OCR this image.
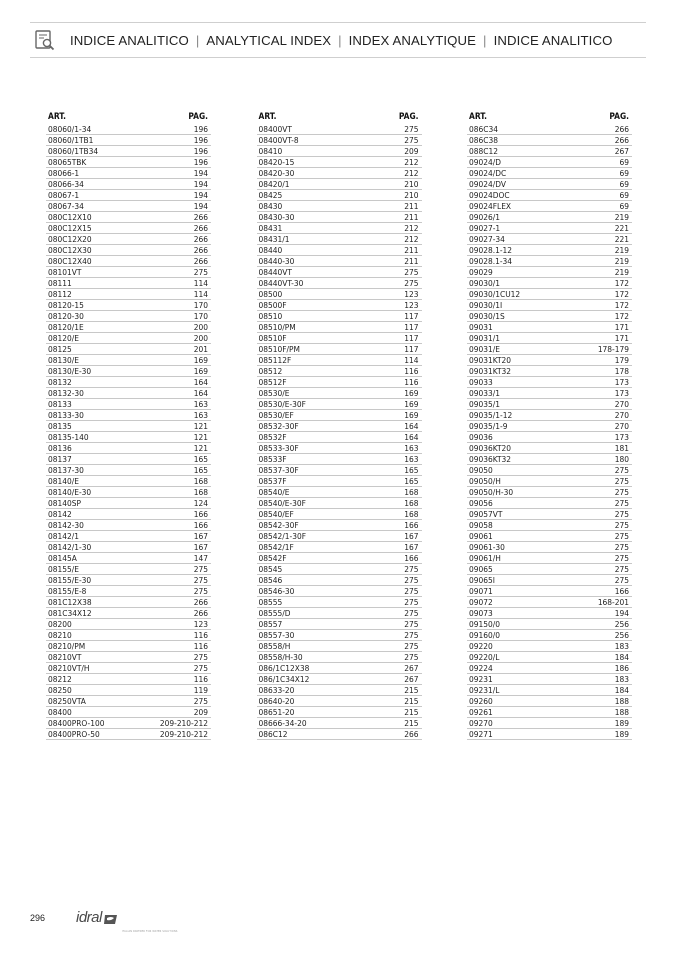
INDICE ANALITICO | ANALYTICAL INDEX | INDEX ANALYTIQUE | INDICE ANALITICO
ART.	PAG.
08060/1-34	196
08060/1TB1	196
08060/1TB34	196
08065TBK	196
08066-1	194
08066-34	194
08067-1	194
08067-34	194
080C12X10	266
080C12X15	266
080C12X20	266
080C12X30	266
080C12X40	266
08101VT	275
08111	114
08112	114
08120-15	170
08120-30	170
08120/1E	200
08120/E	200
08125	201
08130/E	169
08130/E-30	169
08132	164
08132-30	164
08133	163
08133-30	163
08135	121
08135-140	121
08136	121
08137	165
08137-30	165
08140/E	168
08140/E-30	168
08140SP	124
08142	166
08142-30	166
08142/1	167
08142/1-30	167
08145A	147
08155/E	275
08155/E-30	275
08155/E-8	275
081C12X38	266
081C34X12	266
08200	123
08210	116
08210/PM	116
08210VT	275
08210VT/H	275
08212	116
08250	119
08250VTA	275
08400	209
08400PRO-100	209-210-212
08400PRO-50	209-210-212
ART.	PAG.
08400VT	275
08400VT-8	275
08410	209
08420-15	212
08420-30	212
08420/1	210
08425	210
08430	211
08430-30	211
08431	212
08431/1	212
08440	211
08440-30	211
08440VT	275
08440VT-30	275
08500	123
08500F	123
08510	117
08510/PM	117
08510F	117
08510F/PM	117
085112F	114
08512	116
08512F	116
08530/E	169
08530/E-30F	169
08530/EF	169
08532-30F	164
08532F	164
08533-30F	163
08533F	163
08537-30F	165
08537F	165
08540/E	168
08540/E-30F	168
08540/EF	168
08542-30F	166
08542/1-30F	167
08542/1F	167
08542F	166
08545	275
08546	275
08546-30	275
08555	275
08555/D	275
08557	275
08557-30	275
08558/H	275
08558/H-30	275
086/1C12X38	267
086/1C34X12	267
08633-20	215
08640-20	215
08651-20	215
08666-34-20	215
086C12	266
ART.	PAG.
086C34	266
086C38	266
088C12	267
09024/D	69
09024/DC	69
09024/DV	69
09024DOC	69
09024FLEX	69
09026/1	219
09027-1	221
09027-34	221
09028.1-12	219
09028.1-34	219
09029	219
09030/1	172
09030/1CU12	172
09030/1I	172
09030/1S	172
09031	171
09031/1	171
09031/E	178-179
09031KT20	179
09031KT32	178
09033	173
09033/1	173
09035/1	270
09035/1-12	270
09035/1-9	270
09036	173
09036KT20	181
09036KT32	180
09050	275
09050/H	275
09050/H-30	275
09056	275
09057VT	275
09058	275
09061	275
09061-30	275
09061/H	275
09065	275
09065I	275
09071	166
09072	168-201
09073	194
09150/0	256
09160/0	256
09220	183
09220/L	184
09224	186
09231	183
09231/L	184
09260	188
09261	188
09270	189
09271	189
296	idral
ITALIAN PARTNER FOR WATER SOLUTIONS
